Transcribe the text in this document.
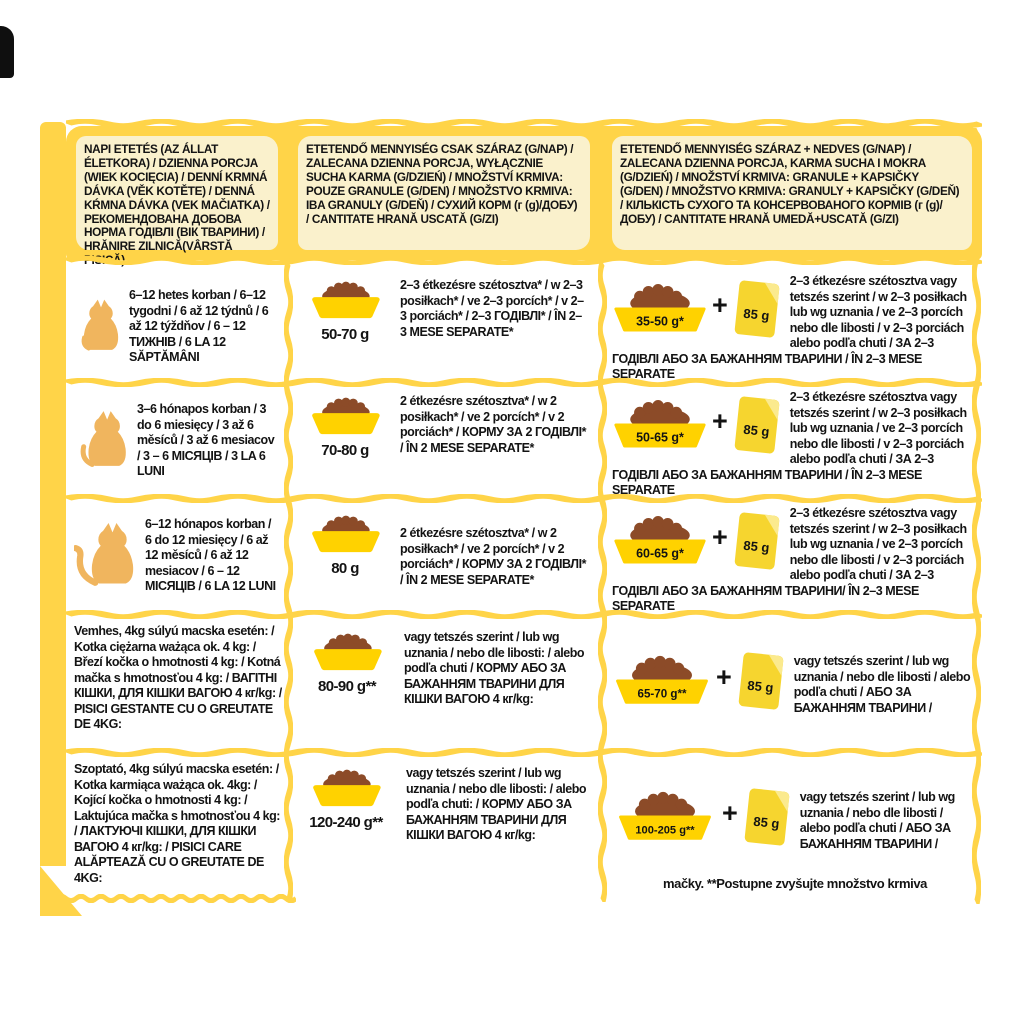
NAPI ETETÉS (AZ ÁLLAT ÉLETKORA) / DZIENNA PORCJA (WIEK KOCIĘCIA) / DENNÍ KRMNÁ DÁVKA (VĚK KOTĚTE) / DENNÁ KŔMNA DÁVKA (VEK MAČIATKA) / РЕКОМЕНДОВАНА ДОБОВА НОРМА ГОДІВЛІ (ВІК ТВАРИНИ) / HRĂNIRE ZILNICĂ(VÂRSTĂ PISICĂ)
ETETENDŐ MENNYISÉG CSAK SZÁRAZ (G/NAP) / ZALECANA DZIENNA PORCJA, WYŁĄCZNIE SUCHA KARMA (G/DZIEŃ) / MNOŽSTVÍ KRMIVA: POUZE GRANULE (G/DEN) / MNOŽSTVO KRMIVA: IBA GRANULY (G/DEŇ) / СУХИЙ КОРМ (г (g)/ДОБУ) / CANTITATE HRANĂ USCATĂ (G/ZI)
ETETENDŐ MENNYISÉG SZÁRAZ + NEDVES (G/NAP) / ZALECANA DZIENNA PORCJA, KARMA SUCHA I MOKRA (G/DZIEŃ) / MNOŽSTVÍ KRMIVA: GRANULE + KAPSIČKY (G/DEN) / MNOŽSTVO KRMIVA: GRANULY + KAPSIČKY (G/DEŇ) / КІЛЬКІСТЬ СУХОГО ТА КОНСЕРВОВАНОГО КОРМІВ (г (g)/ДОБУ) / CANTITATE HRANĂ UMEDĂ+USCATĂ (G/ZI)
6–12 hetes korban / 6–12 tygodni / 6 až 12 týdnů / 6 až 12 týždňov / 6 – 12 ТИЖНІВ / 6 LA 12 SĂPTĂMÂNI
50-70 g
2–3 étkezésre szétosztva* / w 2–3 posiłkach* / ve 2–3 porcích* / v 2–3 porciách* / 2–3 ГОДІВЛІ* / ÎN 2–3 MESE SEPARATE*
35-50 g*
+ 85 g
2–3 étkezésre szétosztva vagy tetszés szerint / w 2–3 posiłkach lub wg uznania / ve 2–3 porcích nebo dle libosti / v 2–3 porciách alebo podľa chuti / ЗА 2–3 ГОДІВЛІ АБО ЗА БАЖАННЯМ ТВАРИНИ / ÎN 2–3 MESE SEPARATE
3–6 hónapos korban / 3 do 6 miesięcy / 3 až 6 měsíců / 3 až 6 mesiacov / 3 – 6 МІСЯЦІВ / 3 LA 6 LUNI
70-80 g
2 étkezésre szétosztva* / w 2 posiłkach* / ve 2 porcích* / v 2 porciách* / КОРМУ ЗА 2 ГОДІВЛІ* / ÎN 2 MESE SEPARATE*
50-65 g*
+ 85 g
2–3 étkezésre szétosztva vagy tetszés szerint / w 2–3 posiłkach lub wg uznania / ve 2–3 porcích nebo dle libosti / v 2–3 porciách alebo podľa chuti / ЗА 2–3 ГОДІВЛІ АБО ЗА БАЖАННЯМ ТВАРИНИ / ÎN 2–3 MESE SEPARATE
6–12 hónapos korban / 6 do 12 miesięcy / 6 až 12 měsíců / 6 až 12 mesiacov / 6 – 12 МІСЯЦІВ / 6 LA 12 LUNI
80 g
2 étkezésre szétosztva* / w 2 posiłkach* / ve 2 porcích* / v 2 porciách* / КОРМУ ЗА 2 ГОДІВЛІ* / ÎN 2 MESE SEPARATE*
60-65 g*
+ 85 g
2–3 étkezésre szétosztva vagy tetszés szerint / w 2–3 posiłkach lub wg uznania / ve 2–3 porcích nebo dle libosti / v 2–3 porciách alebo podľa chuti / ЗА 2–3 ГОДІВЛІ АБО ЗА БАЖАННЯМ ТВАРИНИ/ ÎN 2–3 MESE SEPARATE
Vemhes, 4kg súlyú macska esetén: / Kotka ciężarna ważąca ok. 4 kg: / Březí kočka o hmotnosti 4 kg: / Kotná mačka s hmotnosťou 4 kg: / ВАГІТНІ КІШКИ, ДЛЯ КІШКИ ВАГОЮ 4 кг/kg: / PISICI GESTANTE CU O GREUTATE DE 4KG:
80-90 g**
vagy tetszés szerint / lub wg uznania / nebo dle libosti: / alebo podľa chuti / КОРМУ АБО ЗА БАЖАННЯМ ТВАРИНИ ДЛЯ КІШКИ ВАГОЮ 4 кг/kg:	65-70 g**
+ 85 g
vagy tetszés szerint / lub wg uznania / nebo dle libosti / alebo podľa chuti / АБО ЗА БАЖАННЯМ ТВАРИНИ /
Szoptató, 4kg súlyú macska esetén: / Kotka karmiąca ważąca ok. 4kg: / Kojící kočka o hmotnosti 4 kg: / Laktujúca mačka s hmotnosťou 4 kg: / ЛАКТУЮЧІ КІШКИ, ДЛЯ КІШКИ ВАГОЮ 4 кг/kg: / PISICI CARE ALĂPTEAZĂ CU O GREUTATE DE 4KG:
120-240 g**
vagy tetszés szerint / lub wg uznania / nebo dle libosti: / alebo podľa chuti: / КОРМУ АБО ЗА БАЖАННЯМ ТВАРИНИ ДЛЯ КІШКИ ВАГОЮ 4 кг/kg:	100-205 g**
+ 85 g
vagy tetszés szerint / lub wg uznania / nebo dle libosti / alebo podľa chuti / АБО ЗА БАЖАННЯМ ТВАРИНИ /
mačky. **Postupne zvyšujte množstvo krmiva
